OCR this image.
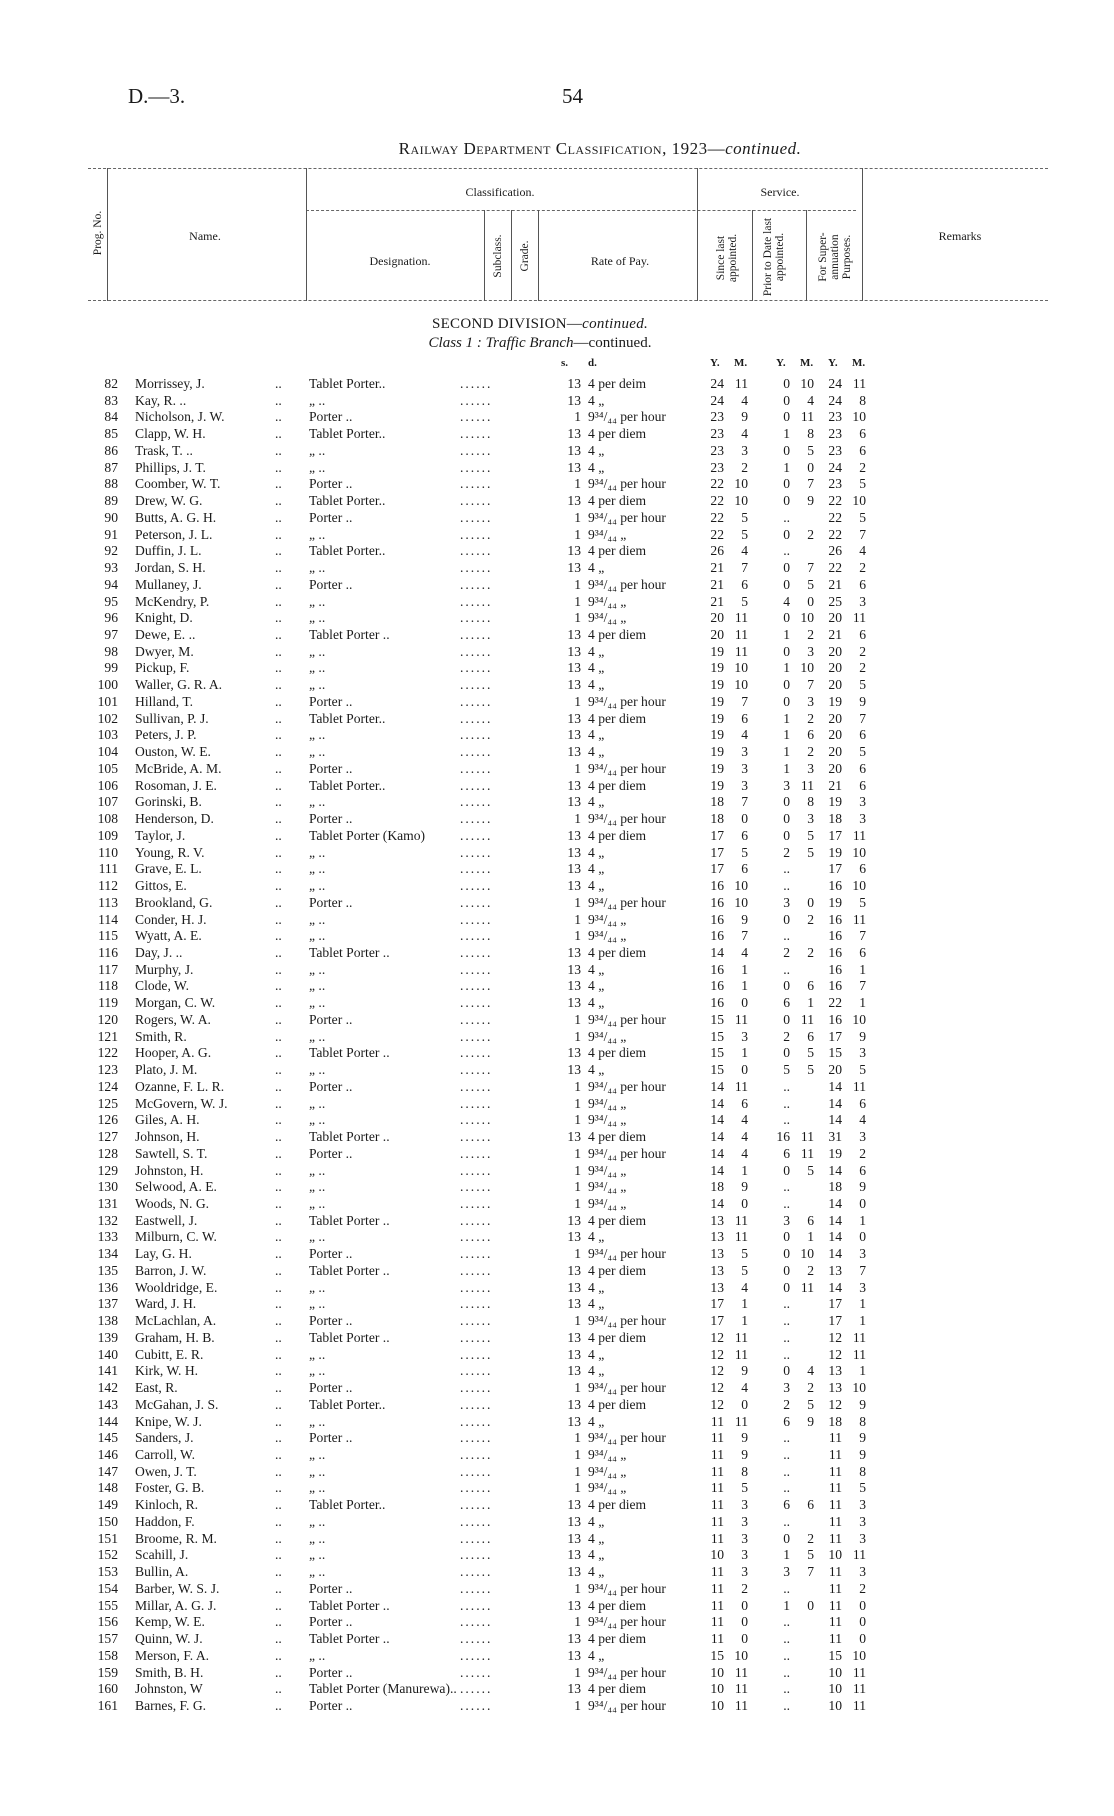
D.—3.	54
Railway Department Classification, 1923—continued.
Prog. No.	Name.
Classification.	Service.
Designation.	Subclass. Grade.	Rate of Pay.	Since last appointed. Prior to Date last appointed.	For Super-annuation Purposes.	Remarks
SECOND DIVISION—continued.
Class 1 : Traffic Branch—continued.
s. d.	Y. M.	Y. M. Y. M.
82 Morrissey, J.	.. Tablet Porter..	......	13 4 per deim	24 11	0 10	24 11
83 Kay, R. ..	.. „ ..	......	13 4 „	24	4	0	4	24	8
84 Nicholson, J. W.	.. Porter ..	......	1 9³⁴/₄₄ per hour	23	9	0 11	23 10
85 Clapp, W. H.	.. Tablet Porter..	......	13 4 per diem	23	4	1	8	23	6
86 Trask, T. ..	.. „ ..	......	13 4 „	23	3	0	5	23	6
87 Phillips, J. T.	.. „ ..	......	13 4 „	23	2	1	0	24	2
88 Coomber, W. T.	.. Porter ..	......	1 9³⁴/₄₄ per hour	22 10	0	7	23	5
89 Drew, W. G.	.. Tablet Porter..	......	13 4 per diem	22 10	0	9	22 10
90 Butts, A. G. H.	.. Porter ..	......	1 9³⁴/₄₄ per hour	22	5	..	22	5
91 Peterson, J. L.	.. „ ..	......	1 9³⁴/₄₄ „	22	5	0	2	22	7
92 Duffin, J. L.	.. Tablet Porter..	......	13 4 per diem	26	4	..	26	4
93 Jordan, S. H.	.. „ ..	......	13 4 „	21	7	0	7	22	2
94 Mullaney, J.	.. Porter ..	......	1 9³⁴/₄₄ per hour	21	6	0	5	21	6
95 McKendry, P.	.. „ ..	......	1 9³⁴/₄₄ „	21	5	4	0	25	3
96 Knight, D.	.. „ ..	......	1 9³⁴/₄₄ „	20 11	0 10	20 11
97 Dewe, E. ..	.. Tablet Porter ..	......	13 4 per diem	20 11	1	2	21	6
98 Dwyer, M.	.. „ ..	......	13 4 „	19 11	0	3	20	2
99 Pickup, F.	.. „ ..	......	13 4 „	19 10	1 10	20	2
100 Waller, G. R. A.	.. „ ..	......	13 4 „	19 10	0	7	20	5
101 Hilland, T.	.. Porter ..	......	1 9³⁴/₄₄ per hour	19	7	0	3	19	9
102 Sullivan, P. J.	.. Tablet Porter..	......	13 4 per diem	19	6	1	2	20	7
103 Peters, J. P.	.. „ ..	......	13 4 „	19	4	1	6	20	6
104 Ouston, W. E.	.. „ ..	......	13 4 „	19	3	1	2	20	5
105 McBride, A. M.	.. Porter ..	......	1 9³⁴/₄₄ per hour	19	3	1	3	20	6
106 Rosoman, J. E.	.. Tablet Porter..	......	13 4 per diem	19	3	3 11	21	6
107 Gorinski, B.	.. „ ..	......	13 4 „	18	7	0	8	19	3
108 Henderson, D.	.. Porter ..	......	1 9³⁴/₄₄ per hour	18	0	0	3	18	3
109 Taylor, J.	.. Tablet Porter (Kamo)	......	13 4 per diem	17	6	0	5	17 11
110 Young, R. V.	.. „ ..	......	13 4 „	17	5	2	5	19 10
111 Grave, E. L.	.. „ ..	......	13 4 „	17	6	..	17	6
112 Gittos, E.	.. „ ..	......	13 4 „	16 10	..	16 10
113 Brookland, G.	.. Porter ..	......	1 9³⁴/₄₄ per hour	16 10	3	0	19	5
114 Conder, H. J.	.. „ ..	......	1 9³⁴/₄₄ „	16	9	0	2	16 11
115 Wyatt, A. E.	.. „ ..	......	1 9³⁴/₄₄ „	16	7	..	16	7
116 Day, J. ..	.. Tablet Porter ..	......	13 4 per diem	14	4	2	2	16	6
117 Murphy, J.	.. „ ..	......	13 4 „	16	1	..	16	1
118 Clode, W.	.. „ ..	......	13 4 „	16	1	0	6	16	7
119 Morgan, C. W.	.. „ ..	......	13 4 „	16	0	6	1	22	1
120 Rogers, W. A.	.. Porter ..	......	1 9³⁴/₄₄ per hour	15 11	0 11	16 10
121 Smith, R.	.. „ ..	......	1 9³⁴/₄₄ „	15	3	2	6	17	9
122 Hooper, A. G.	.. Tablet Porter ..	......	13 4 per diem	15	1	0	5	15	3
123 Plato, J. M.	.. „ ..	......	13 4 „	15	0	5	5	20	5
124 Ozanne, F. L. R.	.. Porter ..	......	1 9³⁴/₄₄ per hour	14 11	..	14 11
125 McGovern, W. J.	.. „ ..	......	1 9³⁴/₄₄ „	14	6	..	14	6
126 Giles, A. H.	.. „ ..	......	1 9³⁴/₄₄ „	14	4	..	14	4
127 Johnson, H.	.. Tablet Porter ..	......	13 4 per diem	14	4	16 11	31	3
128 Sawtell, S. T.	.. Porter ..	......	1 9³⁴/₄₄ per hour	14	4	6 11	19	2
129 Johnston, H.	.. „ ..	......	1 9³⁴/₄₄ „	14	1	0	5	14	6
130 Selwood, A. E.	.. „ ..	......	1 9³⁴/₄₄ „	18	9	..	18	9
131 Woods, N. G.	.. „ ..	......	1 9³⁴/₄₄ „	14	0	..	14	0
132 Eastwell, J.	.. Tablet Porter ..	......	13 4 per diem	13 11	3	6	14	1
133 Milburn, C. W.	.. „ ..	......	13 4 „	13 11	0	1	14	0
134 Lay, G. H.	.. Porter ..	......	1 9³⁴/₄₄ per hour	13	5	0 10	14	3
135 Barron, J. W.	.. Tablet Porter ..	......	13 4 per diem	13	5	0	2	13	7
136 Wooldridge, E.	.. „ ..	......	13 4 „	13	4	0 11	14	3
137 Ward, J. H.	.. „ ..	......	13 4 „	17	1	..	17	1
138 McLachlan, A.	.. Porter ..	......	1 9³⁴/₄₄ per hour	17	1	..	17	1
139 Graham, H. B.	.. Tablet Porter ..	......	13 4 per diem	12 11	..	12 11
140 Cubitt, E. R.	.. „ ..	......	13 4 „	12 11	..	12 11
141 Kirk, W. H.	.. „ ..	......	13 4 „	12	9	0	4	13	1
142 East, R.	.. Porter ..	......	1 9³⁴/₄₄ per hour	12	4	3	2	13 10
143 McGahan, J. S.	.. Tablet Porter..	......	13 4 per diem	12	0	2	5	12	9
144 Knipe, W. J.	.. „ ..	......	13 4 „	11 11	6	9	18	8
145 Sanders, J.	.. Porter ..	......	1 9³⁴/₄₄ per hour	11	9	..	11	9
146 Carroll, W.	.. „ ..	......	1 9³⁴/₄₄ „	11	9	..	11	9
147 Owen, J. T.	.. „ ..	......	1 9³⁴/₄₄ „	11	8	..	11	8
148 Foster, G. B.	.. „ ..	......	1 9³⁴/₄₄ „	11	5	..	11	5
149 Kinloch, R.	.. Tablet Porter..	......	13 4 per diem	11	3	6	6	11	3
150 Haddon, F.	.. „ ..	......	13 4 „	11	3	..	11	3
151 Broome, R. M.	.. „ ..	......	13 4 „	11	3	0	2	11	3
152 Scahill, J.	.. „ ..	......	13 4 „	10	3	1	5	10 11
153 Bullin, A.	.. „ ..	......	13 4 „	11	3	3	7	11	3
154 Barber, W. S. J.	.. Porter ..	......	1 9³⁴/₄₄ per hour	11	2	..	11	2
155 Millar, A. G. J.	.. Tablet Porter ..	......	13 4 per diem	11	0	1	0	11	0
156 Kemp, W. E.	.. Porter ..	......	1 9³⁴/₄₄ per hour	11	0	..	11	0
157 Quinn, W. J.	.. Tablet Porter ..	......	13 4 per diem	11	0	..	11	0
158 Merson, F. A.	.. „ ..	......	13 4 „	15 10	..	15 10
159 Smith, B. H.	.. Porter ..	......	1 9³⁴/₄₄ per hour	10 11	..	10 11
160 Johnston, W	.. Tablet Porter (Manurewa).. ......	13 4 per diem	10 11	..	10 11
161 Barnes, F. G.	.. Porter ..	......	1 9³⁴/₄₄ per hour	10 11	..	10 11
